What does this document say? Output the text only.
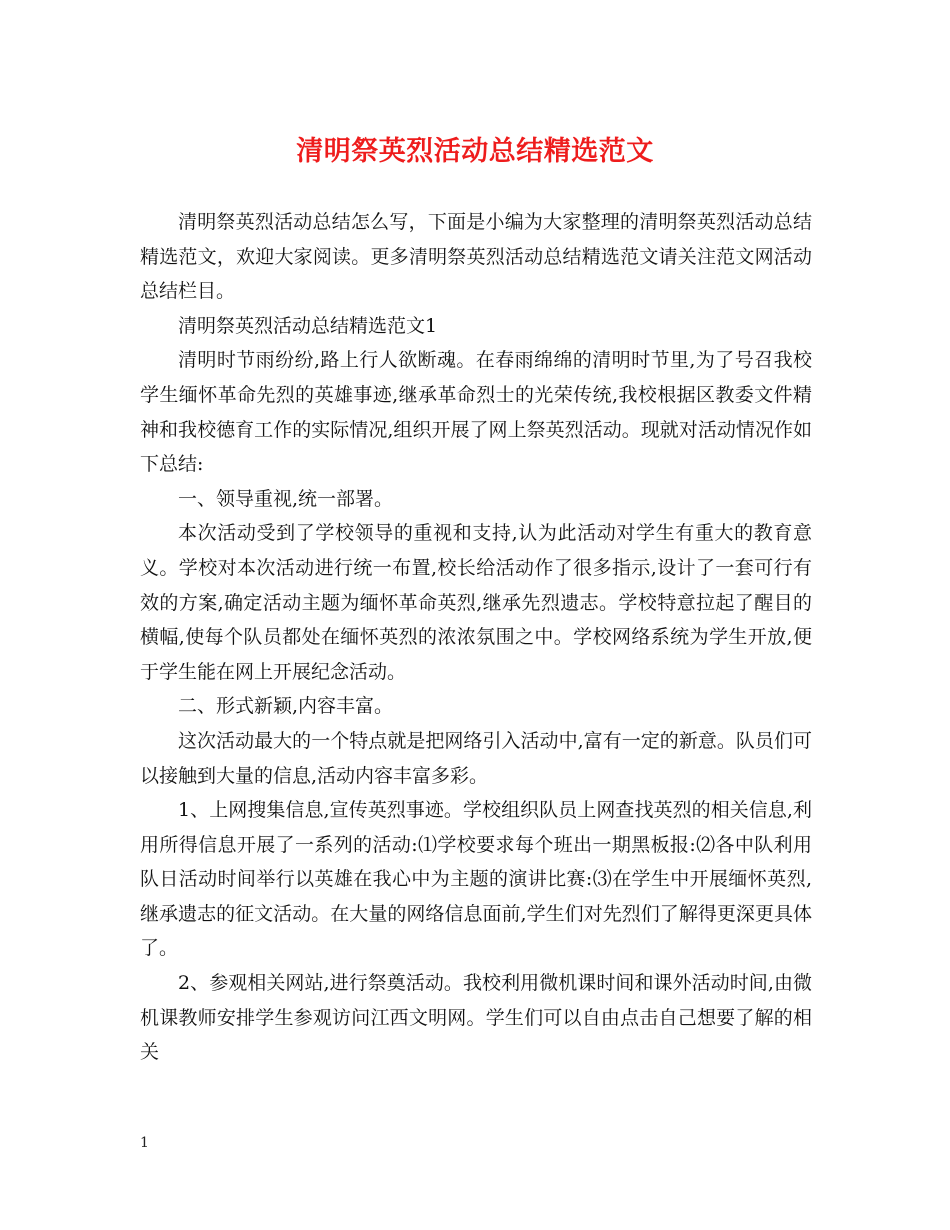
清明祭英烈活动总结精选范文

清明祭英烈活动总结怎么写，下面是小编为大家整理的清明祭英烈活动总结精选范文，欢迎大家阅读。更多清明祭英烈活动总结精选范文请关注范文网活动总结栏目。

清明祭英烈活动总结精选范文1

清明时节雨纷纷,路上行人欲断魂。在春雨绵绵的清明时节里,为了号召我校学生缅怀革命先烈的英雄事迹,继承革命烈士的光荣传统,我校根据区教委文件精神和我校德育工作的实际情况,组织开展了网上祭英烈活动。现就对活动情况作如下总结:

一、领导重视,统一部署。

本次活动受到了学校领导的重视和支持,认为此活动对学生有重大的教育意义。学校对本次活动进行统一布置,校长给活动作了很多指示,设计了一套可行有效的方案,确定活动主题为缅怀革命英烈,继承先烈遗志。学校特意拉起了醒目的横幅,使每个队员都处在缅怀英烈的浓浓氛围之中。学校网络系统为学生开放,便于学生能在网上开展纪念活动。

二、形式新颖,内容丰富。

这次活动最大的一个特点就是把网络引入活动中,富有一定的新意。队员们可以接触到大量的信息,活动内容丰富多彩。

1、上网搜集信息,宣传英烈事迹。学校组织队员上网查找英烈的相关信息,利用所得信息开展了一系列的活动:⑴学校要求每个班出一期黑板报:⑵各中队利用队日活动时间举行以英雄在我心中为主题的演讲比赛:⑶在学生中开展缅怀英烈,继承遗志的征文活动。在大量的网络信息面前,学生们对先烈们了解得更深更具体了。

2、参观相关网站,进行祭奠活动。我校利用微机课时间和课外活动时间,由微机课教师安排学生参观访问江西文明网。学生们可以自由点击自己想要了解的相关

1
